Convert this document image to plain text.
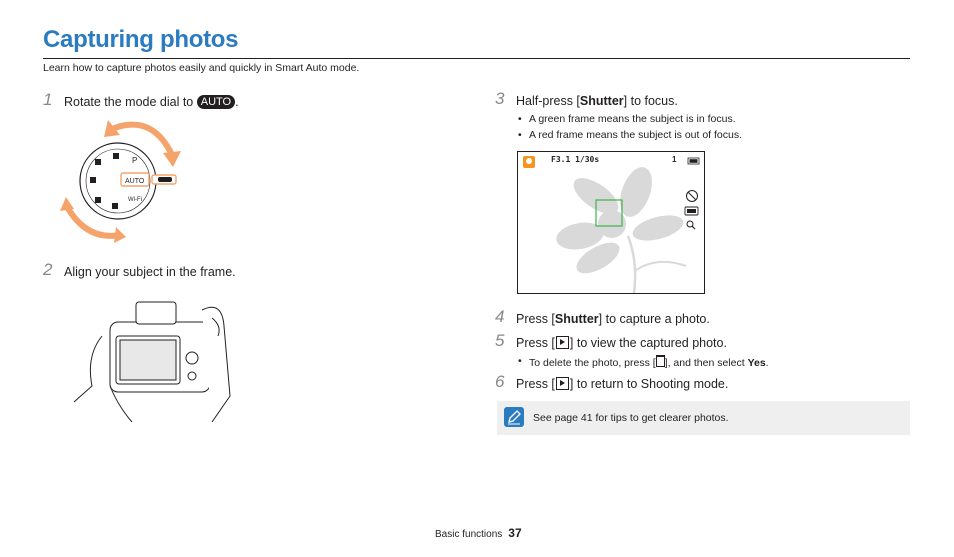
Capturing photos
Learn how to capture photos easily and quickly in Smart Auto mode.
1 Rotate the mode dial to AUTO .
P
Wi-Fi
AUTO
2 Align your subject in the frame.
3 Half-press [Shutter] to focus.
• A green frame means the subject is in focus.
• A red frame means the subject is out of focus.
F3.1 1/30s	1
4 Press [Shutter] to capture a photo.
5 Press [ ] to view the captured photo.
• To delete the photo, press [ ], and then select Yes.
6 Press [ ] to return to Shooting mode.
See page 41 for tips to get clearer photos.
Basic functions 37
